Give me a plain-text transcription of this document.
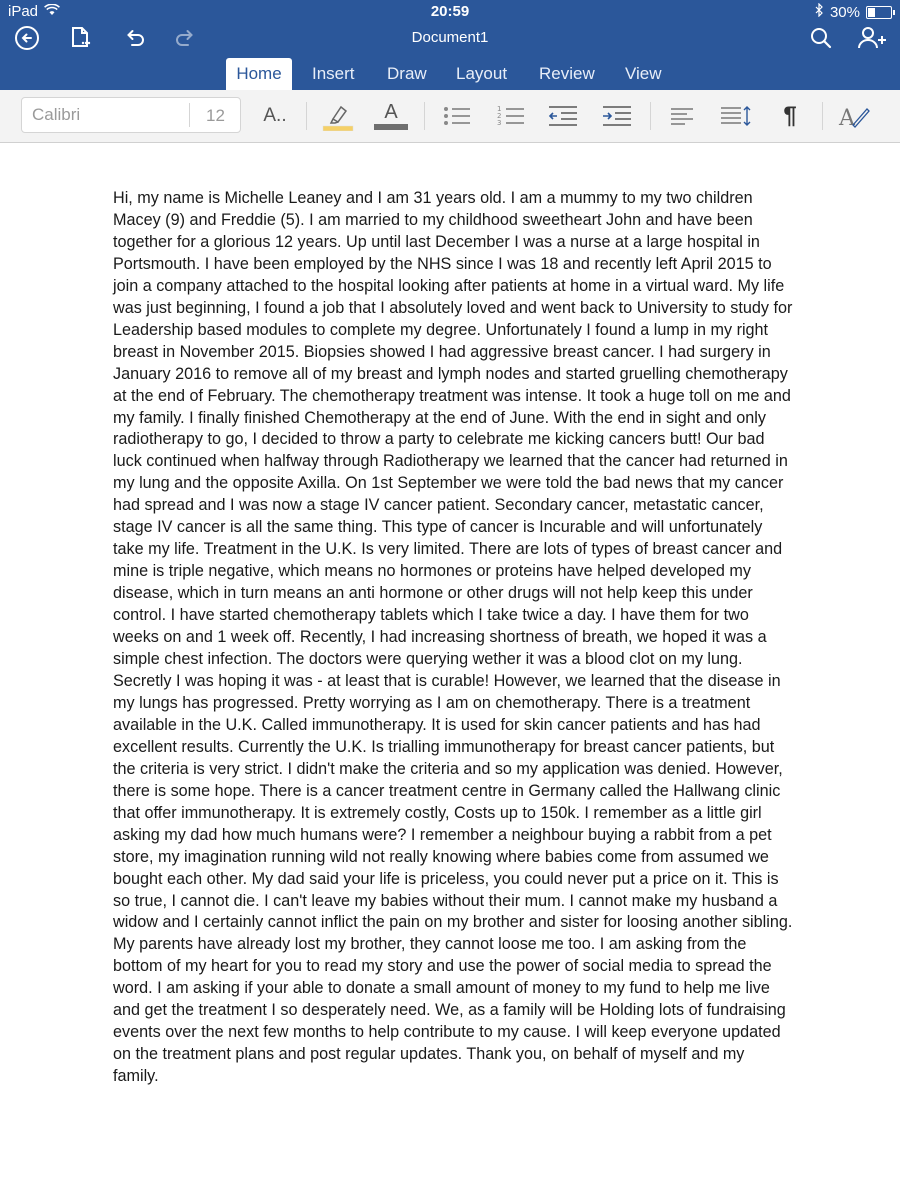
iPad	20:59	30%
Document1
Home	Insert	Draw	Layout	Review	View
Calibri	12 A..	A	1
2
3	¶	A

Hi, my name is Michelle Leaney and I am 31 years old. I am a mummy to my two children Macey (9) and Freddie (5). I am married to my childhood sweetheart John and have been together for a glorious 12 years. Up until last December I was a nurse at a large hospital in Portsmouth. I have been employed by the NHS since I was 18 and recently left April 2015 to join a company attached to the hospital looking after patients at home in a virtual ward. My life was just beginning, I found a job that I absolutely loved and went back to University to study for Leadership based modules to complete my degree. Unfortunately I found a lump in my right breast in November 2015. Biopsies showed I had aggressive breast cancer. I had surgery in January 2016 to remove all of my breast and lymph nodes and started gruelling chemotherapy at the end of February. The chemotherapy treatment was intense. It took a huge toll on me and my family. I finally finished Chemotherapy at the end of June. With the end in sight and only radiotherapy to go, I decided to throw a party to celebrate me kicking cancers butt! Our bad luck continued when halfway through Radiotherapy we learned that the cancer had returned in my lung and the opposite Axilla. On 1st September we were told the bad news that my cancer had spread and I was now a stage IV cancer patient. Secondary cancer, metastatic cancer, stage IV cancer is all the same thing. This type of cancer is Incurable and will unfortunately take my life. Treatment in the U.K. Is very limited. There are lots of types of breast cancer and mine is triple negative, which means no hormones or proteins have helped developed my disease, which in turn means an anti hormone or other drugs will not help keep this under control. I have started chemotherapy tablets which I take twice a day. I have them for two weeks on and 1 week off. Recently, I had increasing shortness of breath, we hoped it was a simple chest infection. The doctors were querying wether it was a blood clot on my lung. Secretly I was hoping it was - at least that is curable! However, we learned that the disease in my lungs has progressed. Pretty worrying as I am on chemotherapy. There is a treatment available in the U.K. Called immunotherapy. It is used for skin cancer patients and has had excellent results. Currently the U.K. Is trialling immunotherapy for breast cancer patients, but the criteria is very strict. I didn't make the criteria and so my application was denied. However, there is some hope. There is a cancer treatment centre in Germany called the Hallwang clinic that offer immunotherapy. It is extremely costly, Costs up to 150k. I remember as a little girl asking my dad how much humans were? I remember a neighbour buying a rabbit from a pet store, my imagination running wild not really knowing where babies come from assumed we bought each other. My dad said your life is priceless, you could never put a price on it. This is so true, I cannot die. I can't leave my babies without their mum. I cannot make my husband a widow and I certainly cannot inflict the pain on my brother and sister for loosing another sibling. My parents have already lost my brother, they cannot loose me too. I am asking from the bottom of my heart for you to read my story and use the power of social media to spread the word. I am asking if your able to donate a small amount of money to my fund to help me live and get the treatment I so desperately need. We, as a family will be Holding lots of fundraising events over the next few months to help contribute to my cause. I will keep everyone updated on the treatment plans and post regular updates. Thank you, on behalf of myself and my family.
